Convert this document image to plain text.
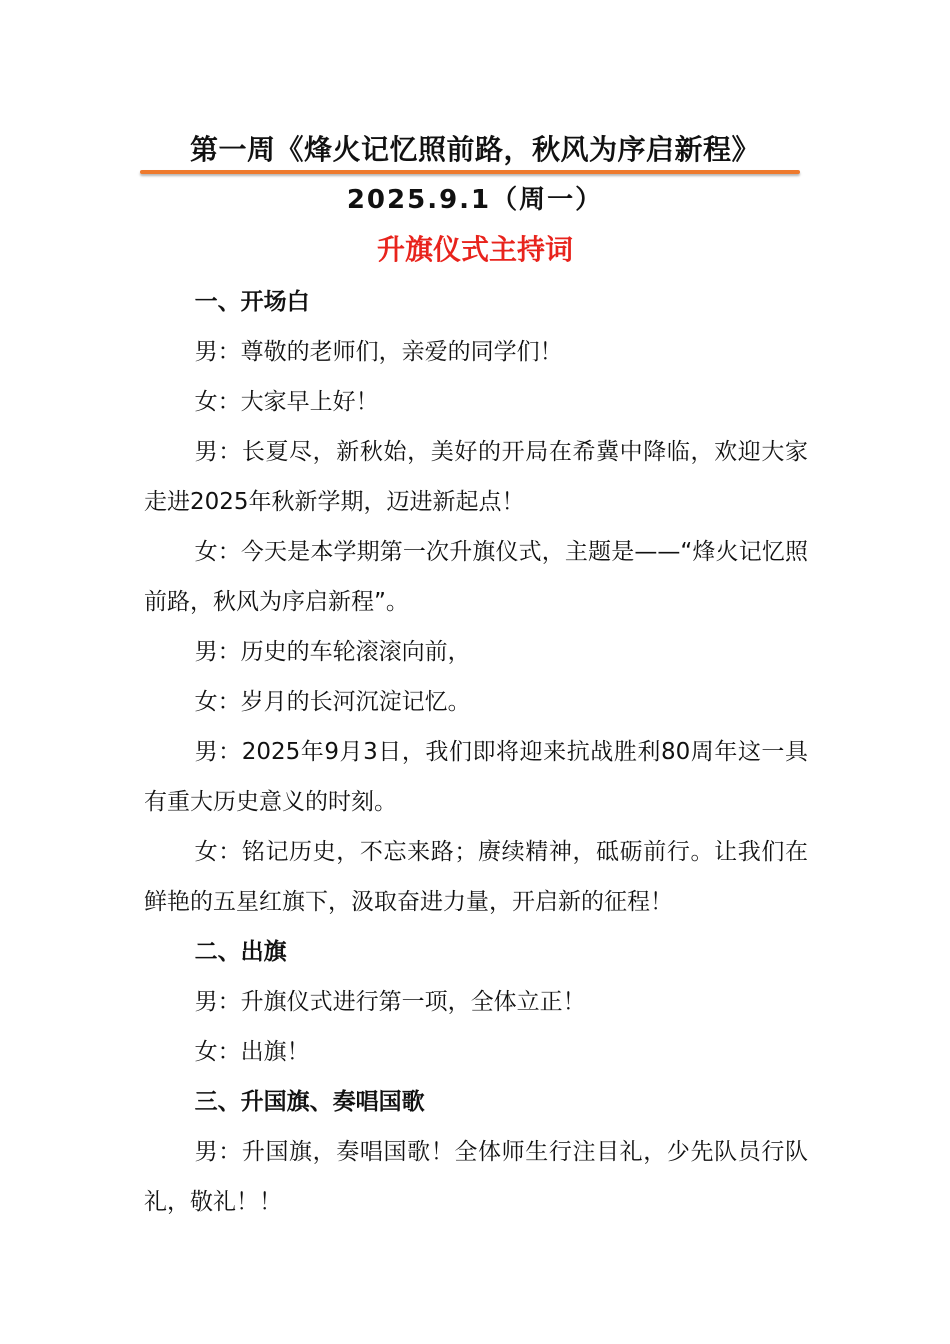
第一周《烽火记忆照前路，秋风为序启新程》
2025.9.1（周一）
升旗仪式主持词

一、开场白

男：尊敬的老师们，亲爱的同学们！

女：大家早上好！

男：长夏尽，新秋始，美好的开局在希冀中降临，欢迎大家走进2025年秋新学期，迈进新起点！

女：今天是本学期第一次升旗仪式，主题是——“烽火记忆照前路，秋风为序启新程”。

男：历史的车轮滚滚向前，

女：岁月的长河沉淀记忆。

男：2025年9月3日，我们即将迎来抗战胜利80周年这一具有重大历史意义的时刻。

女：铭记历史，不忘来路；赓续精神，砥砺前行。让我们在鲜艳的五星红旗下，汲取奋进力量，开启新的征程！

二、出旗

男：升旗仪式进行第一项，全体立正！

女：出旗！

三、升国旗、奏唱国歌

男：升国旗，奏唱国歌！全体师生行注目礼，少先队员行队礼，敬礼！！
